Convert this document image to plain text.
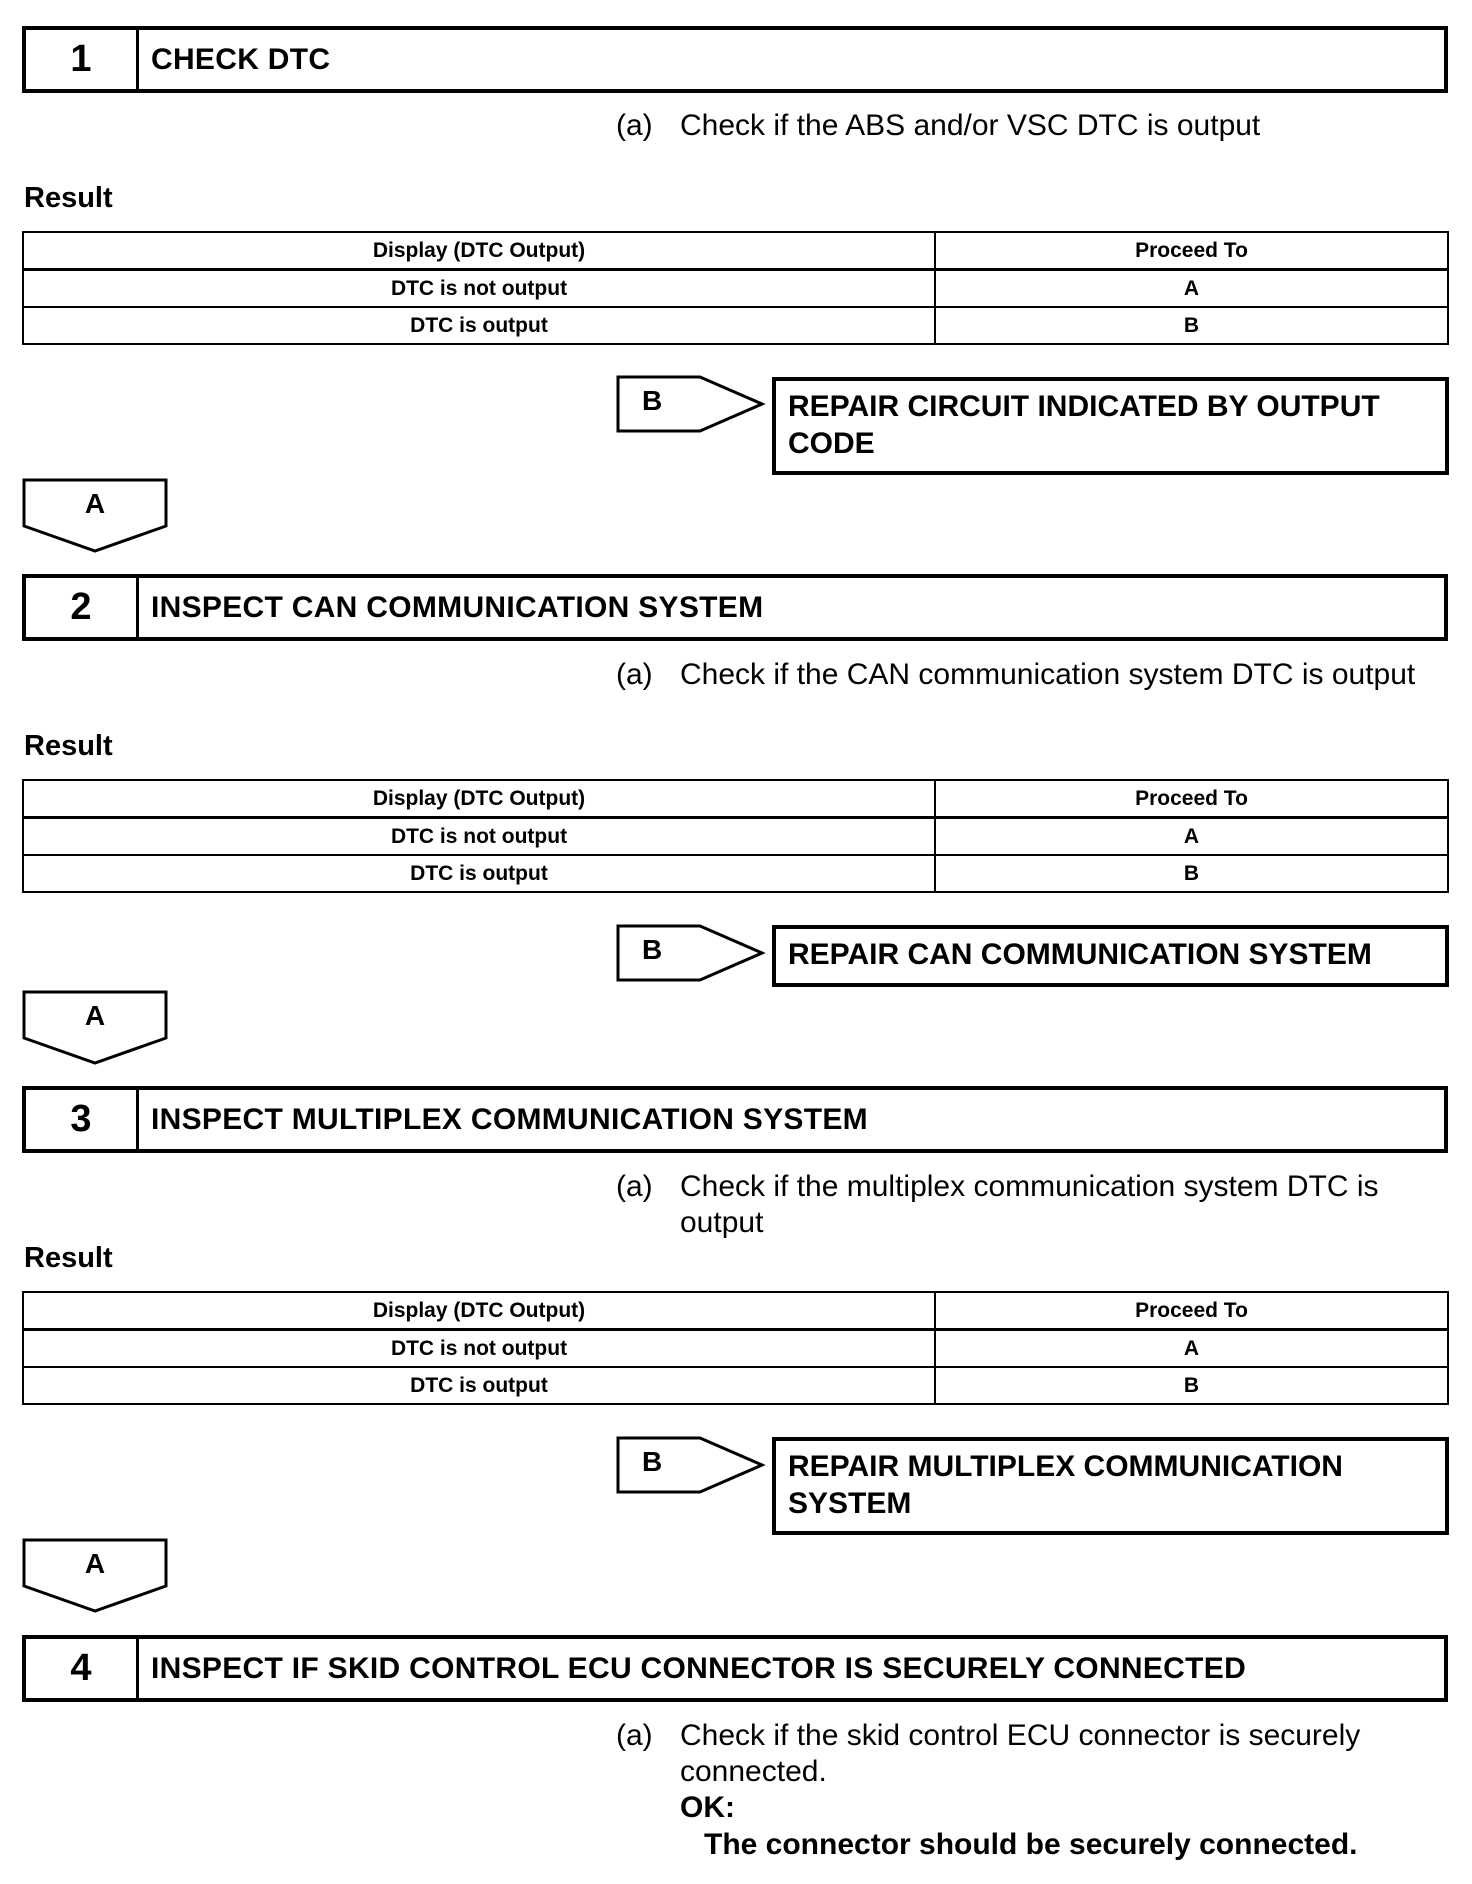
1	CHECK DTC
(a) Check if the ABS and/or VSC DTC is output
Result
Display (DTC Output)	Proceed To
DTC is not output	A
DTC is output	B
B	REPAIR CIRCUIT INDICATED BY OUTPUT
CODE
A
2	INSPECT CAN COMMUNICATION SYSTEM
(a) Check if the CAN communication system DTC is output
Result
Display (DTC Output)	Proceed To
DTC is not output	A
DTC is output	B
B	REPAIR CAN COMMUNICATION SYSTEM
A
3	INSPECT MULTIPLEX COMMUNICATION SYSTEM
(a) Check if the multiplex communication system DTC is
output
Result
Display (DTC Output)	Proceed To
DTC is not output	A
DTC is output	B
B	REPAIR MULTIPLEX COMMUNICATION
SYSTEM
A
4	INSPECT IF SKID CONTROL ECU CONNECTOR IS SECURELY CONNECTED
(a) Check if the skid control ECU connector is securely
connected.
OK:
The connector should be securely connected.
